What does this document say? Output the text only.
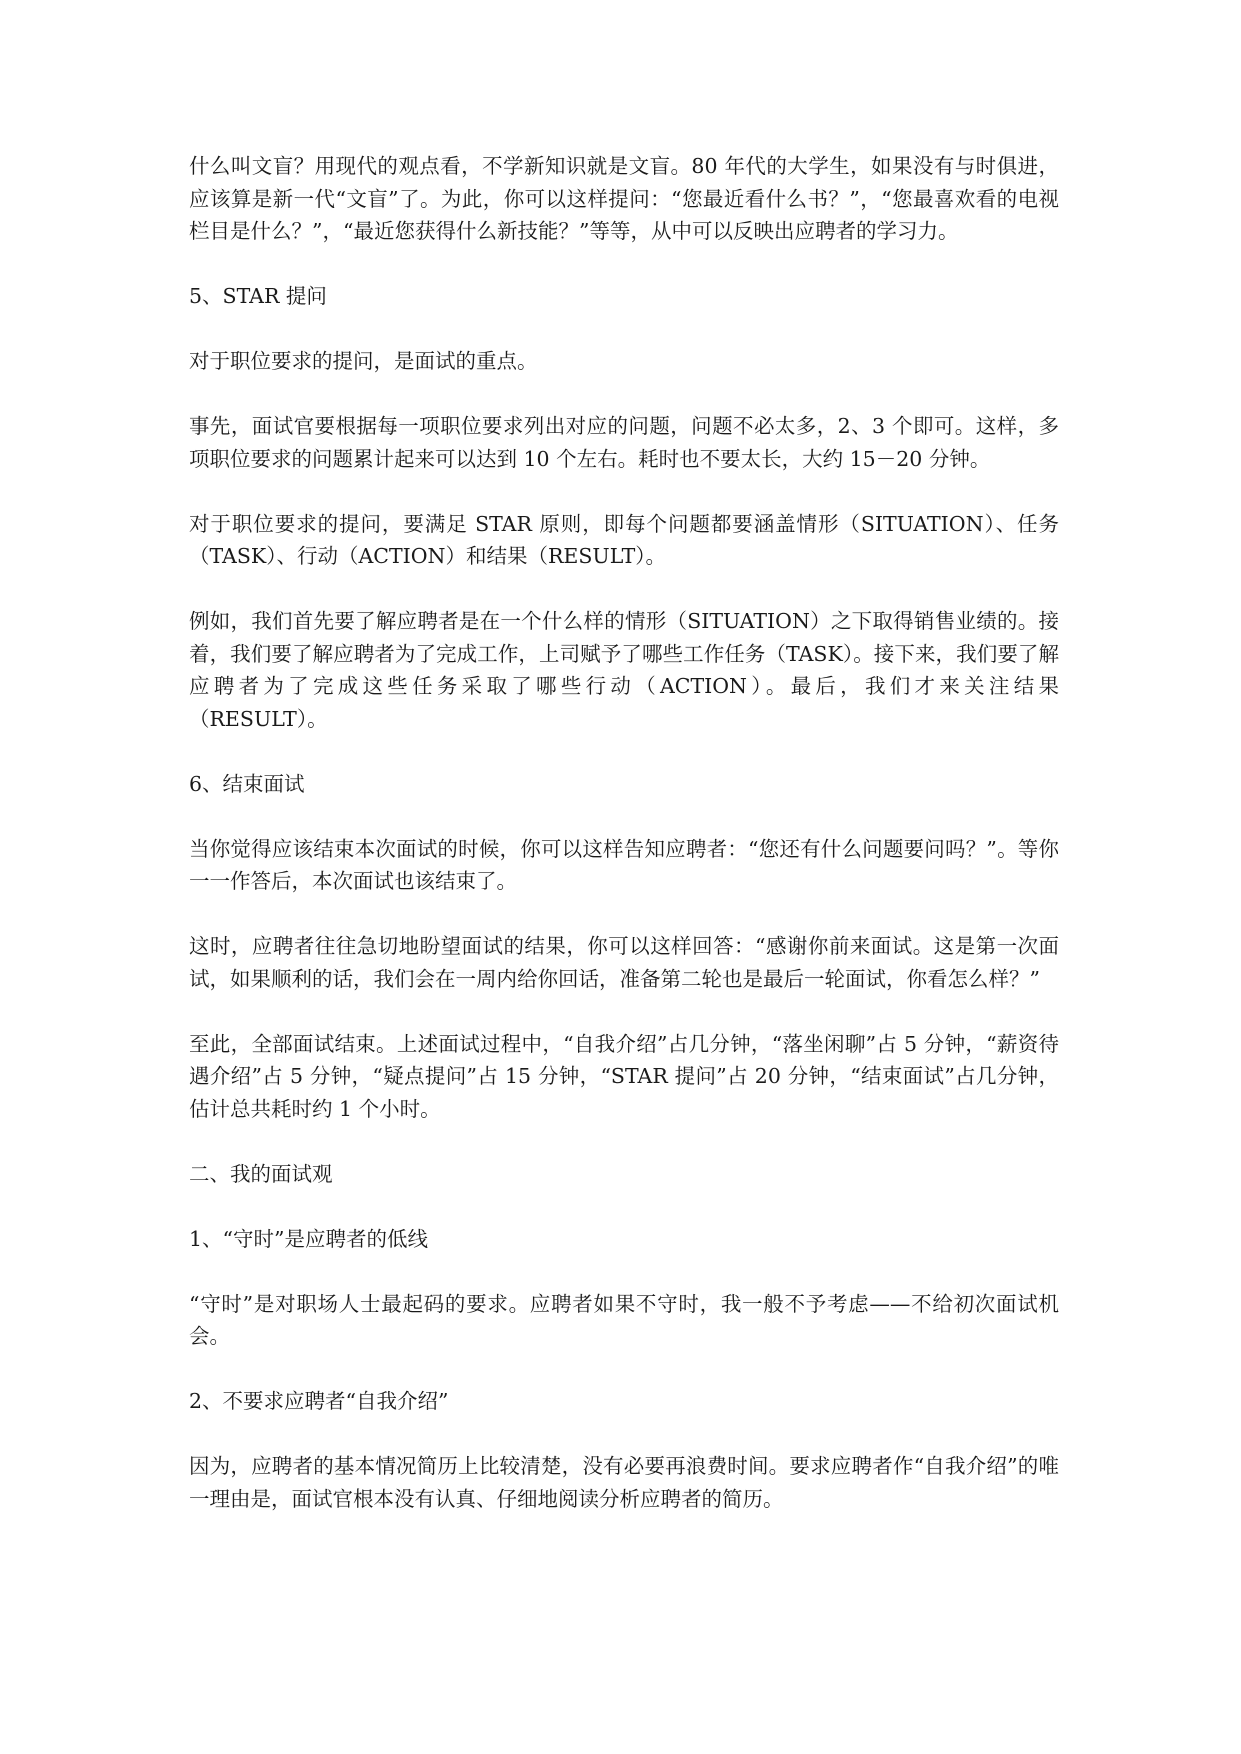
什么叫文盲？用现代的观点看，不学新知识就是文盲。80 年代的大学生，如果没有与时俱进，应该算是新一代“文盲”了。为此，你可以这样提问：“您最近看什么书？”，“您最喜欢看的电视栏目是什么？”，“最近您获得什么新技能？”等等，从中可以反映出应聘者的学习力。

5、STAR 提问

对于职位要求的提问，是面试的重点。

事先，面试官要根据每一项职位要求列出对应的问题，问题不必太多，2、3 个即可。这样，多项职位要求的问题累计起来可以达到 10 个左右。耗时也不要太长，大约 15－20 分钟。

对于职位要求的提问，要满足 STAR 原则，即每个问题都要涵盖情形（SITUATION）、任务（TASK）、行动（ACTION）和结果（RESULT）。

例如，我们首先要了解应聘者是在一个什么样的情形（SITUATION）之下取得销售业绩的。接着，我们要了解应聘者为了完成工作，上司赋予了哪些工作任务（TASK）。接下来，我们要了解应聘者为了完成这些任务采取了哪些行动（ACTION）。最后，我们才来关注结果（RESULT）。

6、结束面试

当你觉得应该结束本次面试的时候，你可以这样告知应聘者：“您还有什么问题要问吗？”。等你一一作答后，本次面试也该结束了。

这时，应聘者往往急切地盼望面试的结果，你可以这样回答：“感谢你前来面试。这是第一次面试，如果顺利的话，我们会在一周内给你回话，准备第二轮也是最后一轮面试，你看怎么样？”

至此，全部面试结束。上述面试过程中，“自我介绍”占几分钟，“落坐闲聊”占 5 分钟，“薪资待遇介绍”占 5 分钟，“疑点提问”占 15 分钟，“STAR 提问”占 20 分钟，“结束面试”占几分钟，估计总共耗时约 1 个小时。

二、我的面试观

1、“守时”是应聘者的低线

“守时”是对职场人士最起码的要求。应聘者如果不守时，我一般不予考虑——不给初次面试机会。

2、不要求应聘者“自我介绍”

因为，应聘者的基本情况简历上比较清楚，没有必要再浪费时间。要求应聘者作“自我介绍”的唯一理由是，面试官根本没有认真、仔细地阅读分析应聘者的简历。
